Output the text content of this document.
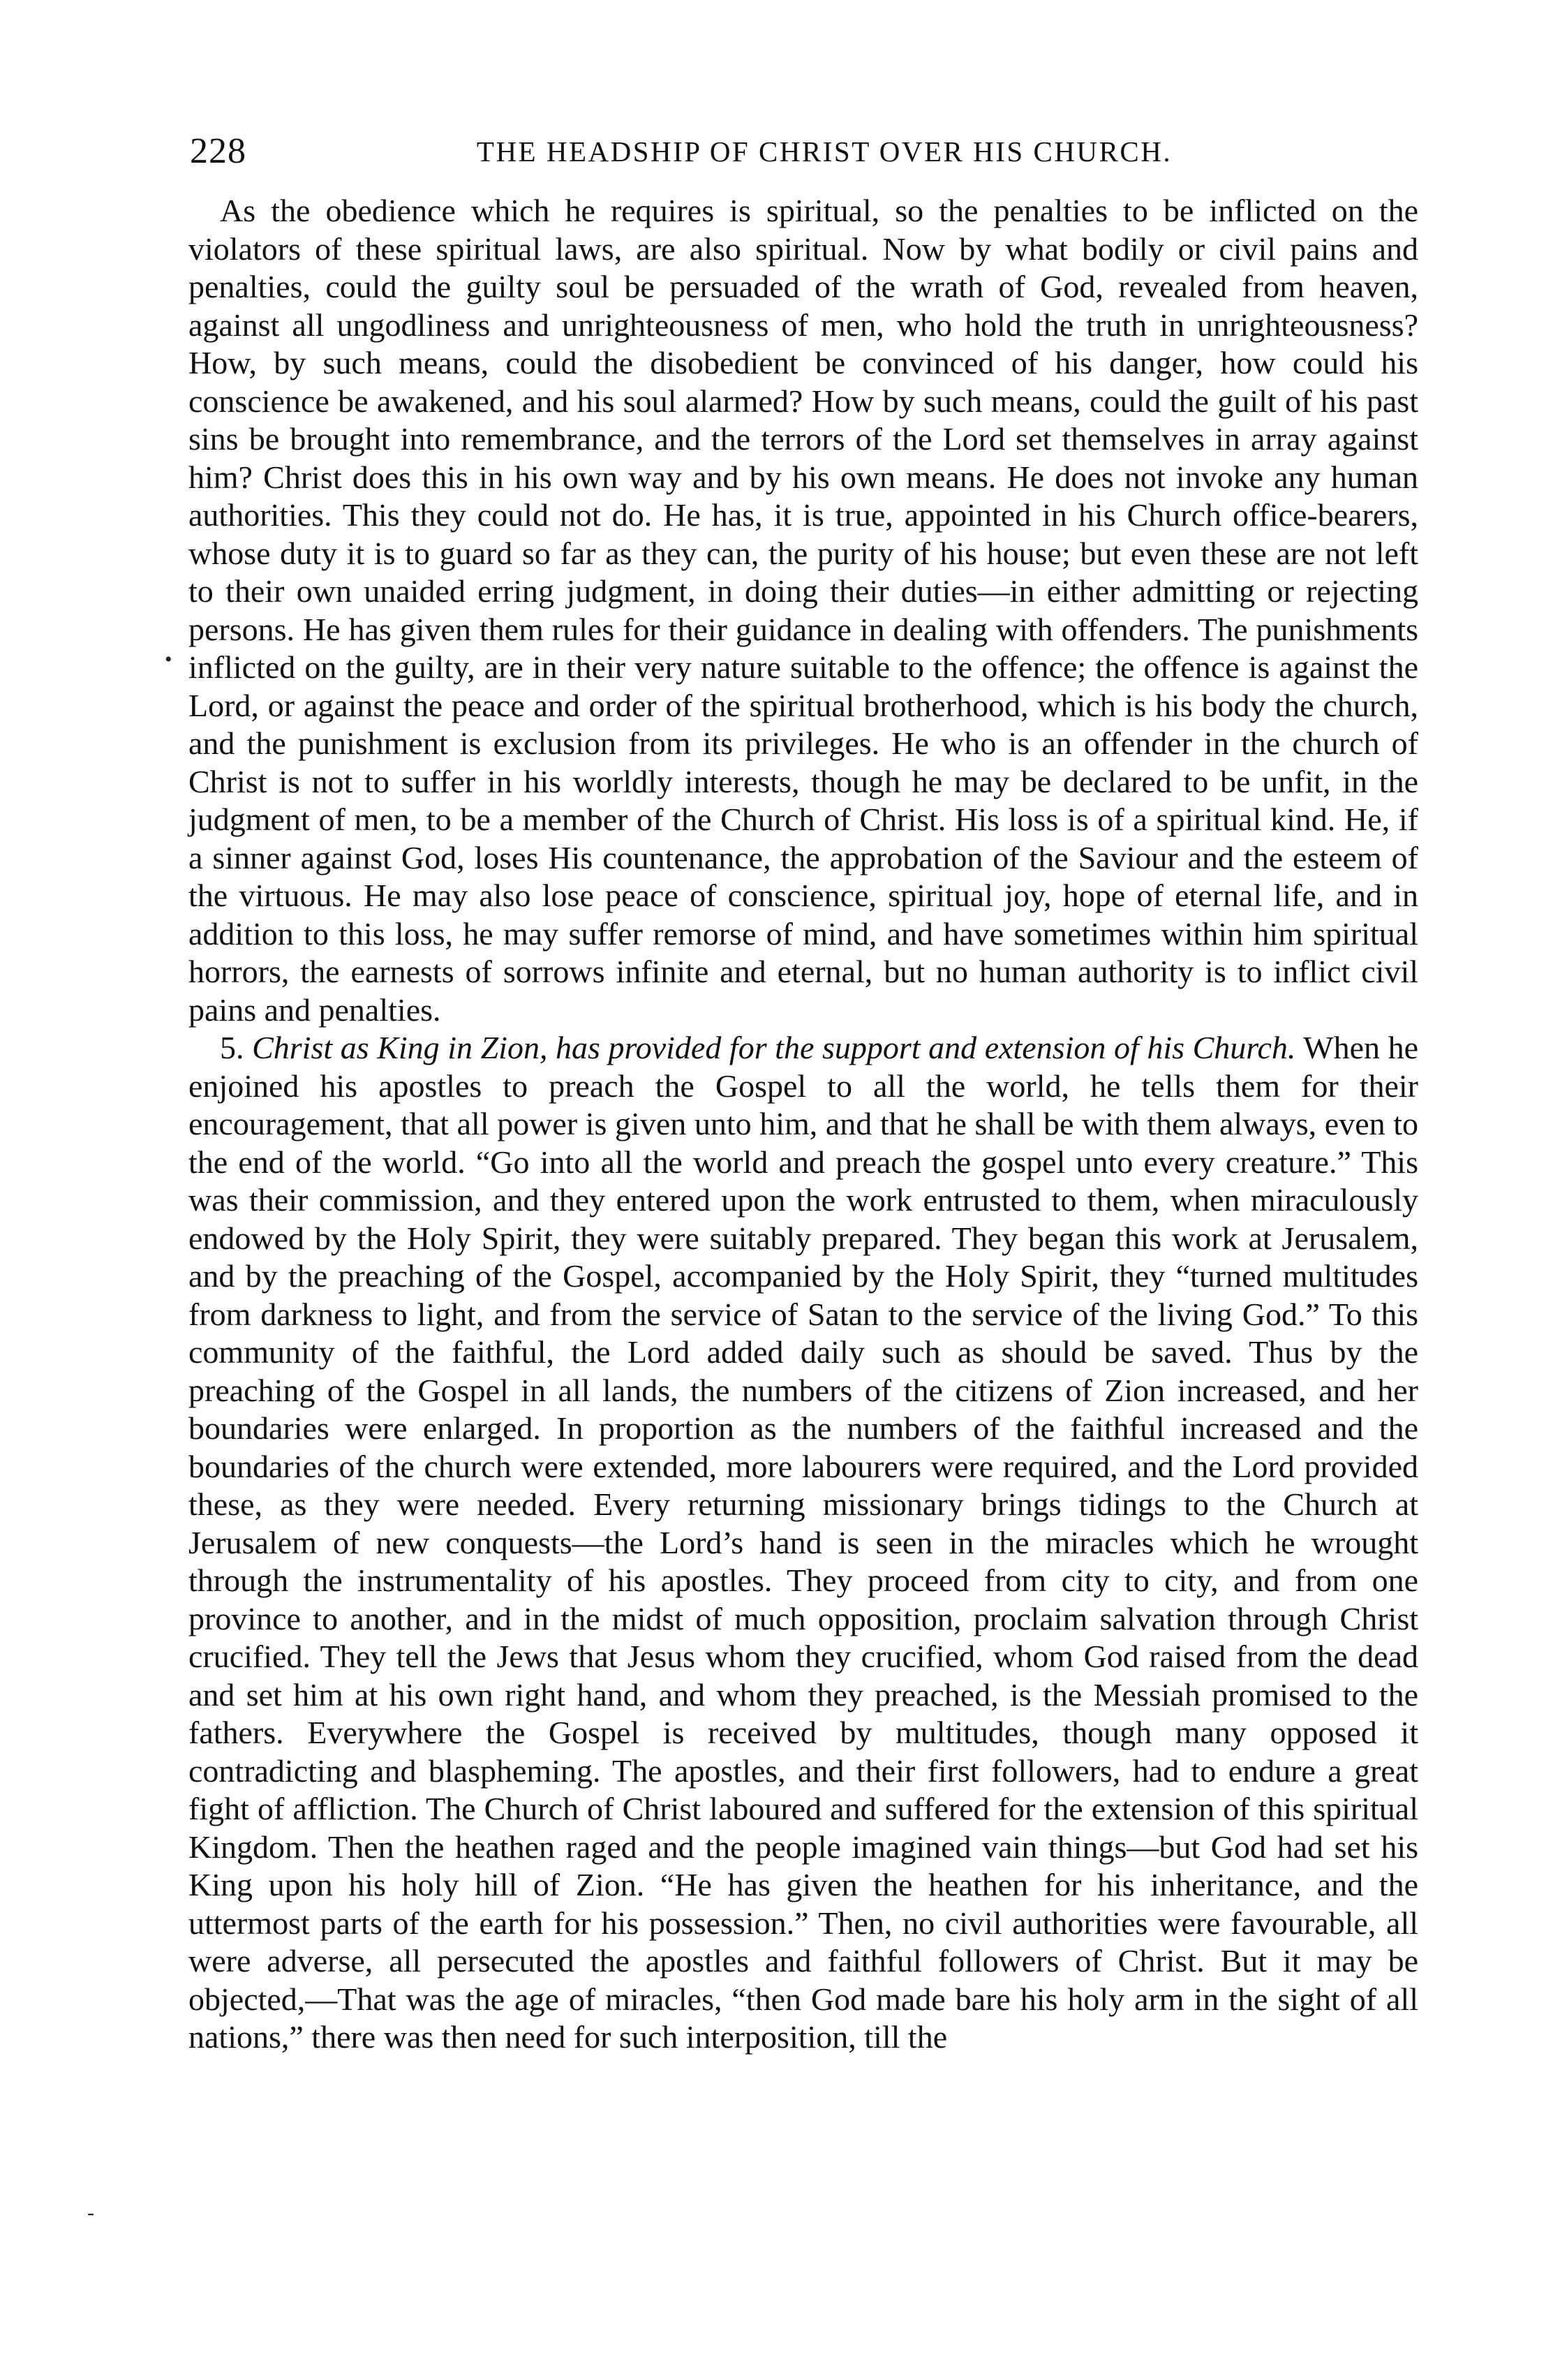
228	THE HEADSHIP OF CHRIST OVER HIS CHURCH.

As the obedience which he requires is spiritual, so the penalties to be inflicted on the violators of these spiritual laws, are also spiritual. Now by what bodily or civil pains and penalties, could the guilty soul be persuaded of the wrath of God, revealed from heaven, against all ungodliness and unrighteousness of men, who hold the truth in unrighteousness? How, by such means, could the disobedient be convinced of his danger, how could his conscience be awakened, and his soul alarmed? How by such means, could the guilt of his past sins be brought into remembrance, and the terrors of the Lord set themselves in array against him? Christ does this in his own way and by his own means. He does not invoke any human authorities. This they could not do. He has, it is true, appointed in his Church office-bearers, whose duty it is to guard so far as they can, the purity of his house; but even these are not left to their own unaided erring judgment, in doing their duties—in either admitting or rejecting persons. He has given them rules for their guidance in dealing with offenders. The punishments inflicted on the guilty, are in their very nature suitable to the offence; the offence is against the Lord, or against the peace and order of the spiritual brotherhood, which is his body the church, and the punishment is exclusion from its privileges. He who is an offender in the church of Christ is not to suffer in his worldly interests, though he may be declared to be unfit, in the judgment of men, to be a member of the Church of Christ. His loss is of a spiritual kind. He, if a sinner against God, loses His countenance, the approbation of the Saviour and the esteem of the virtuous. He may also lose peace of conscience, spiritual joy, hope of eternal life, and in addition to this loss, he may suffer remorse of mind, and have sometimes within him spiritual horrors, the earnests of sorrows infinite and eternal, but no human authority is to inflict civil pains and penalties.

5. Christ as King in Zion, has provided for the support and extension of his Church. When he enjoined his apostles to preach the Gospel to all the world, he tells them for their encouragement, that all power is given unto him, and that he shall be with them always, even to the end of the world. “Go into all the world and preach the gospel unto every creature.” This was their commission, and they entered upon the work entrusted to them, when miraculously endowed by the Holy Spirit, they were suitably prepared. They began this work at Jerusalem, and by the preaching of the Gospel, accompanied by the Holy Spirit, they “turned multitudes from darkness to light, and from the service of Satan to the service of the living God.” To this community of the faithful, the Lord added daily such as should be saved. Thus by the preaching of the Gospel in all lands, the numbers of the citizens of Zion increased, and her boundaries were enlarged. In proportion as the numbers of the faithful increased and the boundaries of the church were extended, more labourers were required, and the Lord provided these, as they were needed. Every returning missionary brings tidings to the Church at Jerusalem of new conquests—the Lord’s hand is seen in the miracles which he wrought through the instrumentality of his apostles. They proceed from city to city, and from one province to another, and in the midst of much opposition, proclaim salvation through Christ crucified. They tell the Jews that Jesus whom they crucified, whom God raised from the dead and set him at his own right hand, and whom they preached, is the Messiah promised to the fathers. Everywhere the Gospel is received by multitudes, though many opposed it contradicting and blaspheming. The apostles, and their first followers, had to endure a great fight of affliction. The Church of Christ laboured and suffered for the extension of this spiritual Kingdom. Then the heathen raged and the people imagined vain things—but God had set his King upon his holy hill of Zion. “He has given the heathen for his inheritance, and the uttermost parts of the earth for his possession.” Then, no civil authorities were favourable, all were adverse, all persecuted the apostles and faithful followers of Christ. But it may be objected,—That was the age of miracles, “then God made bare his holy arm in the sight of all nations,” there was then need for such interposition, till the

•
-
